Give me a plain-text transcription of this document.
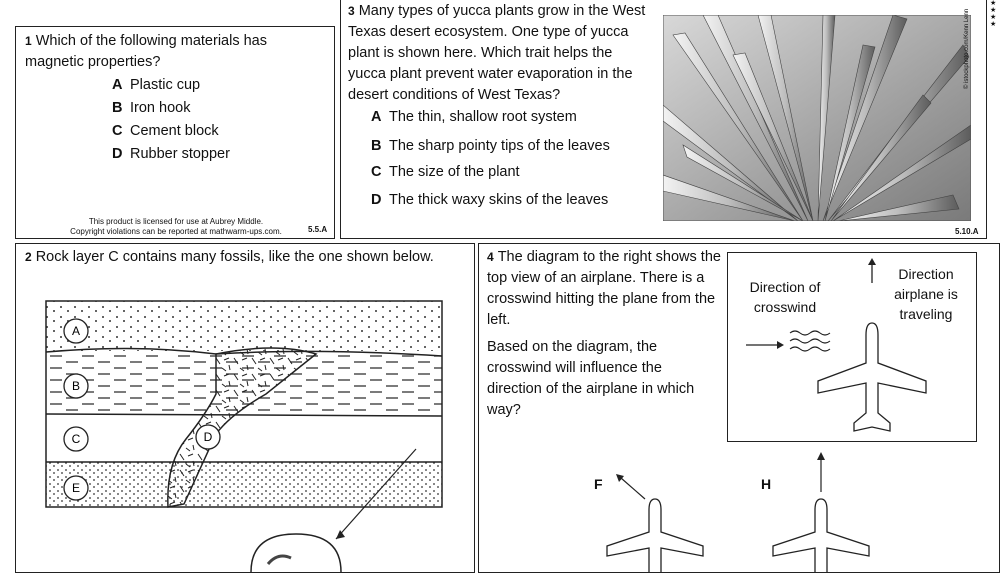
1 Which of the following materials has magnetic properties?
A Plastic cup
B Iron hook
C Cement block
D Rubber stopper
This product is licensed for use at Aubrey Middle.
Copyright violations can be reported at mathwarm-ups.com.	5.5.A
3 Many types of yucca plants grow in the West Texas desert ecosystem. One type of yucca plant is shown here. Which trait helps the yucca plant prevent water evaporation in the desert conditions of West Texas?
A The thin, shallow root system
B The sharp pointy tips of the leaves
C The size of the plant
D The thick waxy skins of the leaves
© istockphoto.com/Kenn Lenn
5.10.A
★★★★
2 Rock layer C contains many fossils, like the one shown below.
A
B
C	D
E
4 The diagram to the right shows the top view of an airplane. There is a crosswind hitting the plane from the left.
Based on the diagram, the crosswind will influence the direction of the airplane in which way?
Direction of crosswind
Direction airplane is traveling
F	H
